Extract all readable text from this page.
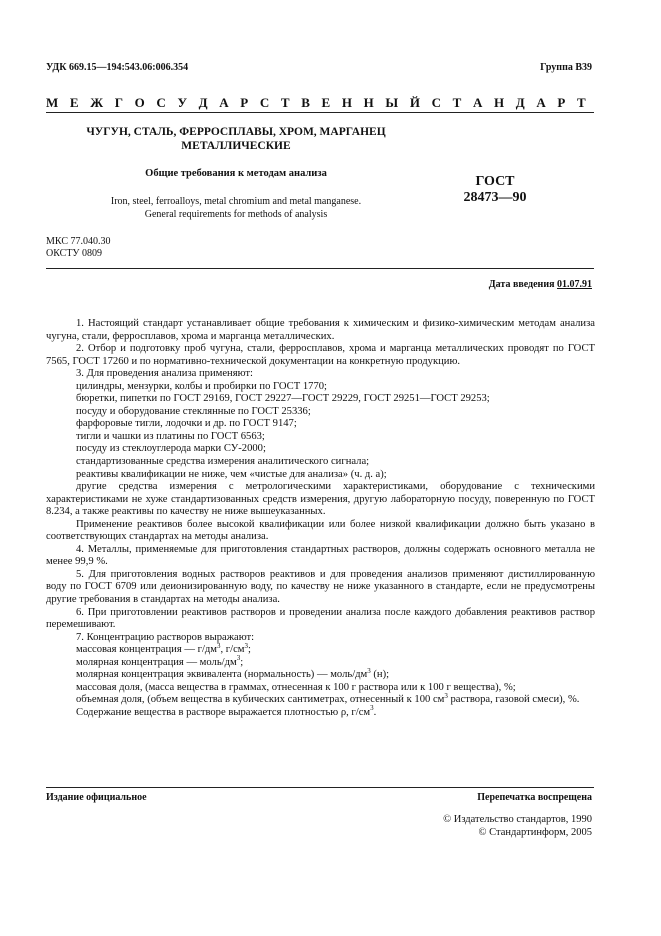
УДК 669.15—194:543.06:006.354	Группа В39
М Е Ж Г О С У Д А Р С Т В Е Н Н Ы Й С Т А Н Д А Р Т
ЧУГУН, СТАЛЬ, ФЕРРОСПЛАВЫ, ХРОМ, МАРГАНЕЦ
МЕТАЛЛИЧЕСКИЕ
Общие требования к методам анализа
Iron, steel, ferroalloys, metal chromium and metal manganese.
General requirements for methods of analysis
ГОСТ
28473—90
МКС 77.040.30
ОКСТУ 0809
Дата введения 01.07.91

1. Настоящий стандарт устанавливает общие требования к химическим и физико-химическим методам анализа чугуна, стали, ферросплавов, хрома и марганца металлических.

2. Отбор и подготовку проб чугуна, стали, ферросплавов, хрома и марганца металлических проводят по ГОСТ 7565, ГОСТ 17260 и по нормативно-технической документации на конкретную продукцию.

3. Для проведения анализа применяют:

цилиндры, мензурки, колбы и пробирки по ГОСТ 1770;

бюретки, пипетки по ГОСТ 29169, ГОСТ 29227—ГОСТ 29229, ГОСТ 29251—ГОСТ 29253;

посуду и оборудование стеклянные по ГОСТ 25336;

фарфоровые тигли, лодочки и др. по ГОСТ 9147;

тигли и чашки из платины по ГОСТ 6563;

посуду из стеклоуглерода марки СУ-2000;

стандартизованные средства измерения аналитического сигнала;

реактивы квалификации не ниже, чем «чистые для анализа» (ч. д. а);

другие средства измерения с метрологическими характеристиками, оборудование с техническими характеристиками не хуже стандартизованных средств измерения, другую лабораторную посуду, поверенную по ГОСТ 8.234, а также реактивы по качеству не ниже вышеуказанных.

Применение реактивов более высокой квалификации или более низкой квалификации должно быть указано в соответствующих стандартах на методы анализа.

4. Металлы, применяемые для приготовления стандартных растворов, должны содержать основного металла не менее 99,9 %.

5. Для приготовления водных растворов реактивов и для проведения анализов применяют дистиллированную воду по ГОСТ 6709 или деионизированную воду, по качеству не ниже указанного в стандарте, если не предусмотрены другие требования в стандартах на методы анализа.

6. При приготовлении реактивов растворов и проведении анализа после каждого добавления реактивов раствор перемешивают.

7. Концентрацию растворов выражают:

массовая концентрация — $г/дм^3$, $г/см^3$;

молярная концентрация — моль/$дм^3$;

молярная концентрация эквивалента (нормальность) — моль/$дм^3$ (н);

массовая доля, (масса вещества в граммах, отнесенная к 100 г раствора или к 100 г вещества), %;

объемная доля, (объем вещества в кубических сантиметрах, отнесенный к 100 $см^3$ раствора, газовой смеси), %.

Содержание вещества в растворе выражается плотностью ρ, $г/см^3$.

Издание официальное	Перепечатка воспрещена
© Издательство стандартов, 1990
© Стандартинформ, 2005
